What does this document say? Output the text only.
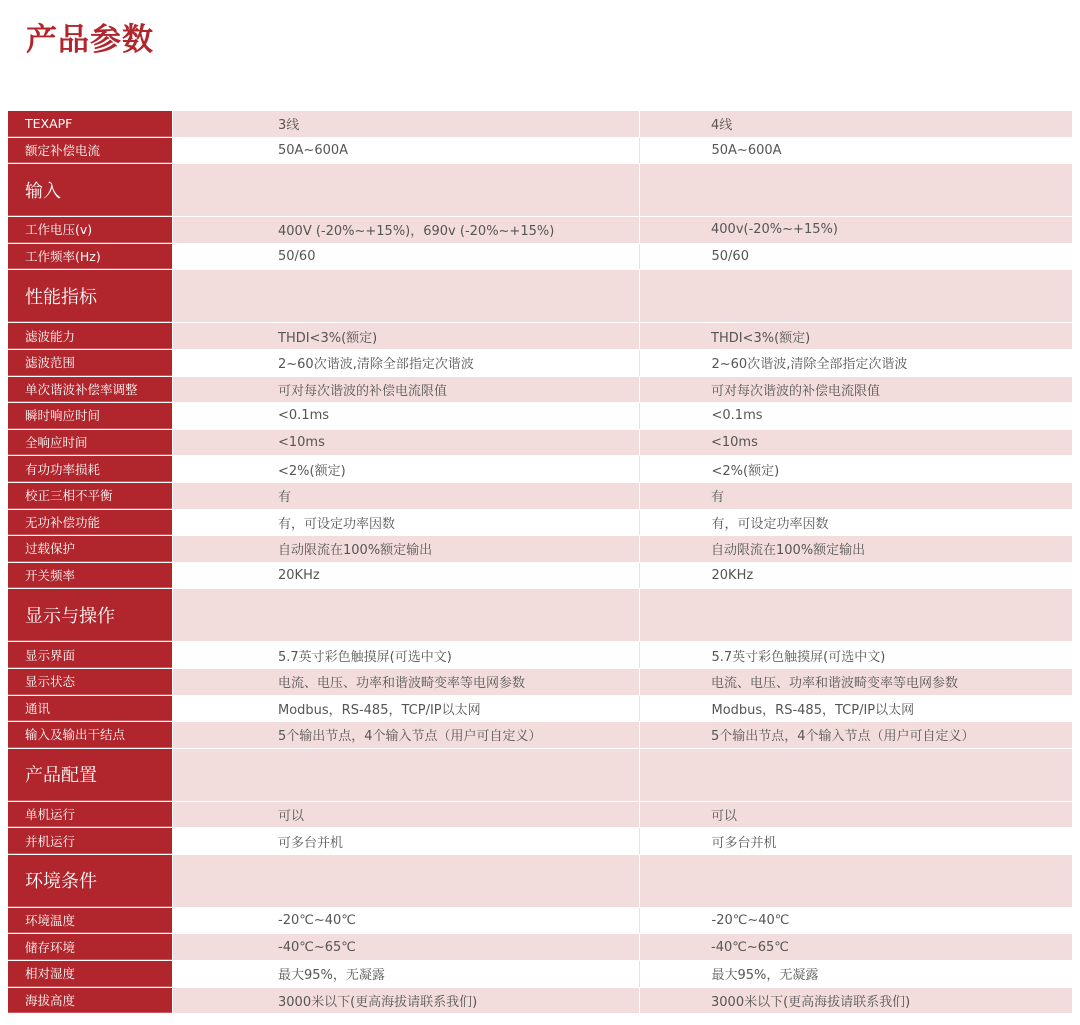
产品参数
TEXAPF	3线	4线
额定补偿电流	50A~600A	50A~600A
输入
工作电压(v)	400V (-20%~+15%)，690v (-20%~+15%)	400v(-20%~+15%)
工作频率(Hz)	50/60	50/60
性能指标
滤波能力	THDI<3%(额定)	THDI<3%(额定)
滤波范围	2~60次谐波,清除全部指定次谐波	2~60次谐波,清除全部指定次谐波
单次谐波补偿率调整	可对每次谐波的补偿电流限值	可对每次谐波的补偿电流限值
瞬时响应时间	<0.1ms	<0.1ms
全响应时间	<10ms	<10ms
有功功率损耗	<2%(额定)	<2%(额定)
校正三相不平衡	有	有
无功补偿功能	有，可设定功率因数	有，可设定功率因数
过载保护	自动限流在100%额定输出	自动限流在100%额定输出
开关频率	20KHz	20KHz
显示与操作
显示界面	5.7英寸彩色触摸屏(可选中文)	5.7英寸彩色触摸屏(可选中文)
显示状态	电流、电压、功率和谐波畸变率等电网参数	电流、电压、功率和谐波畸变率等电网参数
通讯	Modbus，RS-485，TCP/IP以太网	Modbus，RS-485，TCP/IP以太网
输入及输出干结点	5个输出节点，4个输入节点（用户可自定义）	5个输出节点，4个输入节点（用户可自定义）
产品配置
单机运行	可以	可以
并机运行	可多台并机	可多台并机
环境条件
环境温度	-20℃~40℃	-20℃~40℃
储存环境	-40℃~65℃	-40℃~65℃
相对湿度	最大95%，无凝露	最大95%，无凝露
海拔高度	3000米以下(更高海拔请联系我们)	3000米以下(更高海拔请联系我们)
